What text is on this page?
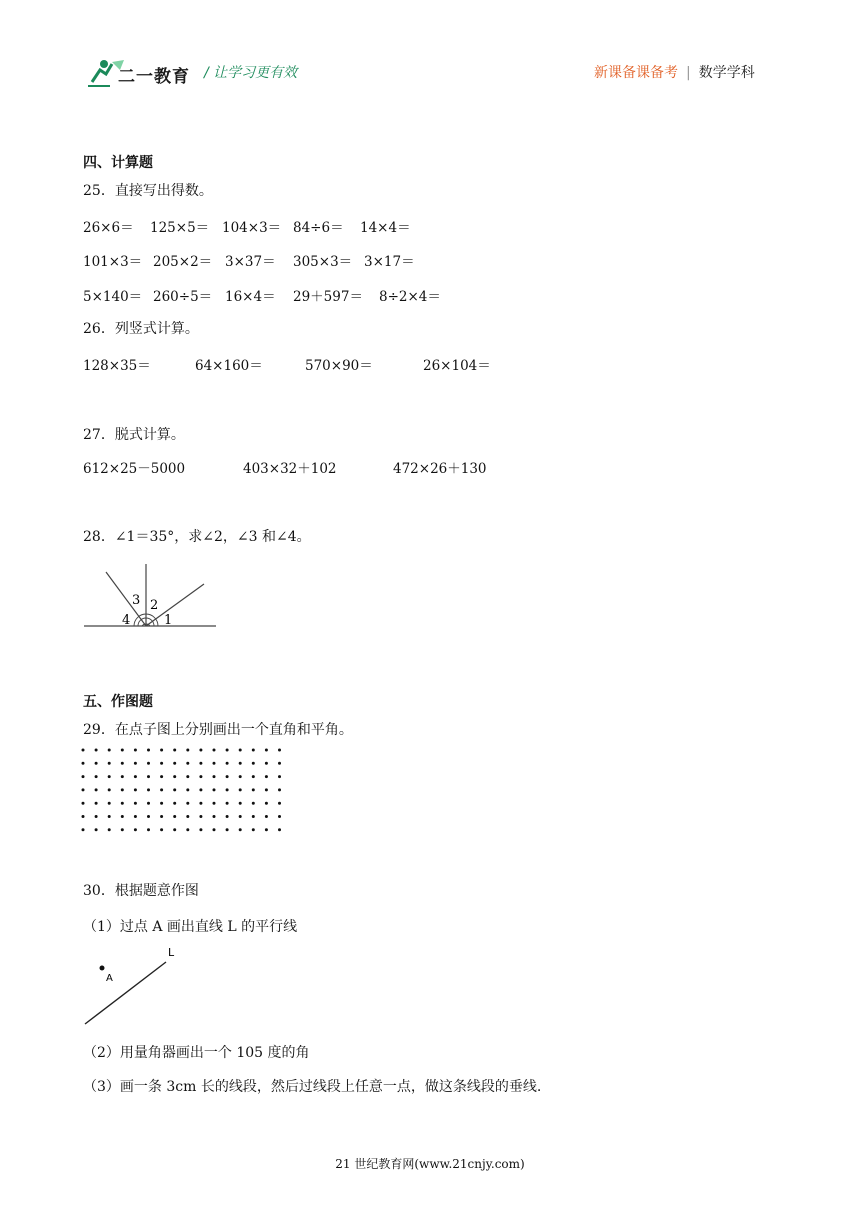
二一教育 / 让学习更有效	新课备课备考 | 数学学科
四、计算题
25．直接写出得数。
26×6＝ 125×5＝ 104×3＝ 84÷6＝ 14×4＝
101×3＝ 205×2＝ 3×37＝ 305×3＝ 3×17＝
5×140＝ 260÷5＝ 16×4＝ 29＋597＝ 8÷2×4＝
26．列竖式计算。
128×35＝	64×160＝	570×90＝	26×104＝
27．脱式计算。
612×25－5000	403×32＋102	472×26＋130
28．∠1＝35°，求∠2，∠3 和∠4。
3 2
4	1
五、作图题
29．在点子图上分别画出一个直角和平角。
30．根据题意作图
（1）过点 A 画出直线 L 的平行线
A
L
（2）用量角器画出一个 105 度的角
（3）画一条 3cm 长的线段，然后过线段上任意一点，做这条线段的垂线.
21 世纪教育网(www.21cnjy.com)
